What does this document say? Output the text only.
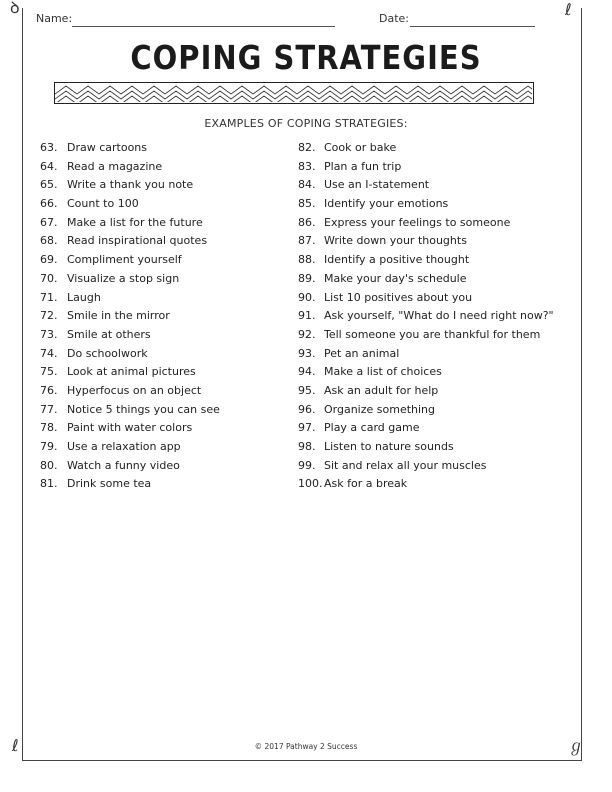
ꝺ	ℓ
ℓ	ℊ
Name:	Date:
COPING STRATEGIES
EXAMPLES OF COPING STRATEGIES:
63. Draw cartoons
64. Read a magazine
65. Write a thank you note
66. Count to 100
67. Make a list for the future
68. Read inspirational quotes
69. Compliment yourself
70. Visualize a stop sign
71. Laugh
72. Smile in the mirror
73. Smile at others
74. Do schoolwork
75. Look at animal pictures
76. Hyperfocus on an object
77. Notice 5 things you can see
78. Paint with water colors
79. Use a relaxation app
80. Watch a funny video
81. Drink some tea
82. Cook or bake
83. Plan a fun trip
84. Use an I-statement
85. Identify your emotions
86. Express your feelings to someone
87. Write down your thoughts
88. Identify a positive thought
89. Make your day's schedule
90. List 10 positives about you
91. Ask yourself, "What do I need right now?"
92. Tell someone you are thankful for them
93. Pet an animal
94. Make a list of choices
95. Ask an adult for help
96. Organize something
97. Play a card game
98. Listen to nature sounds
99. Sit and relax all your muscles
100. Ask for a break
© 2017 Pathway 2 Success
